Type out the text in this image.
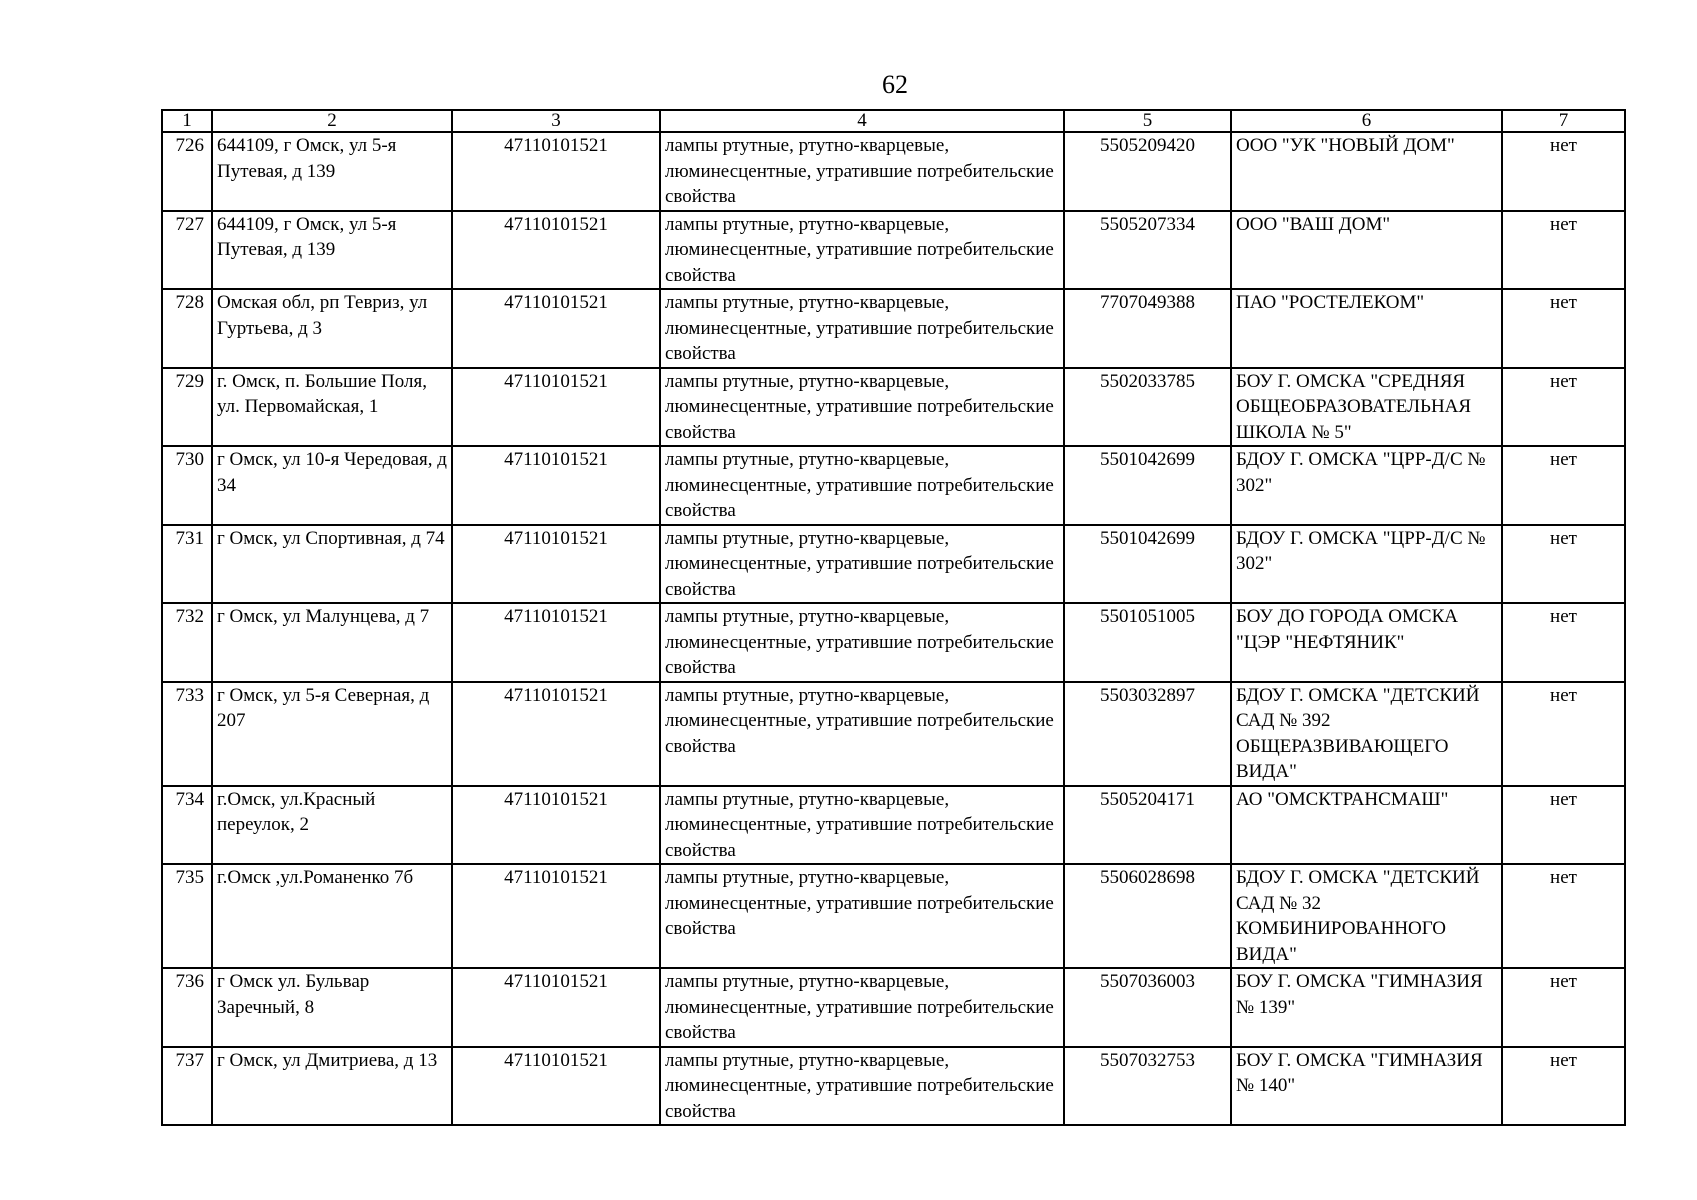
62
1	2	3	4	5	6	7
726	644109, г Омск, ул 5-я Путевая, д 139	47110101521	лампы ртутные, ртутно-кварцевые, люминесцентные, утратившие потребительские свойства	5505209420	ООО "УК "НОВЫЙ ДОМ"	нет
727	644109, г Омск, ул 5-я Путевая, д 139	47110101521	лампы ртутные, ртутно-кварцевые, люминесцентные, утратившие потребительские свойства	5505207334	ООО "ВАШ ДОМ"	нет
728	Омская обл, рп Тевриз, ул Гуртьева, д 3	47110101521	лампы ртутные, ртутно-кварцевые, люминесцентные, утратившие потребительские свойства	7707049388	ПАО "РОСТЕЛЕКОМ"	нет
729	г. Омск, п. Большие Поля, ул. Первомайская, 1	47110101521	лампы ртутные, ртутно-кварцевые, люминесцентные, утратившие потребительские свойства	5502033785	БОУ Г. ОМСКА "СРЕДНЯЯ ОБЩЕОБРАЗОВАТЕЛЬНАЯ ШКОЛА № 5"	нет
730	г Омск, ул 10-я Чередовая, д 34	47110101521	лампы ртутные, ртутно-кварцевые, люминесцентные, утратившие потребительские свойства	5501042699	БДОУ Г. ОМСКА "ЦРР-Д/С № 302"	нет
731	г Омск, ул Спортивная, д 74	47110101521	лампы ртутные, ртутно-кварцевые, люминесцентные, утратившие потребительские свойства	5501042699	БДОУ Г. ОМСКА "ЦРР-Д/С № 302"	нет
732	г Омск, ул Малунцева, д 7	47110101521	лампы ртутные, ртутно-кварцевые, люминесцентные, утратившие потребительские свойства	5501051005	БОУ ДО ГОРОДА ОМСКА "ЦЭР "НЕФТЯНИК"	нет
733	г Омск, ул 5-я Северная, д 207	47110101521	лампы ртутные, ртутно-кварцевые, люминесцентные, утратившие потребительские свойства	5503032897	БДОУ Г. ОМСКА "ДЕТСКИЙ САД № 392 ОБЩЕРАЗВИВАЮЩЕГО ВИДА"	нет
734	г.Омск, ул.Красный переулок, 2	47110101521	лампы ртутные, ртутно-кварцевые, люминесцентные, утратившие потребительские свойства	5505204171	АО "ОМСКТРАНСМАШ"	нет
735	г.Омск ,ул.Романенко 7б	47110101521	лампы ртутные, ртутно-кварцевые, люминесцентные, утратившие потребительские свойства	5506028698	БДОУ Г. ОМСКА "ДЕТСКИЙ САД № 32 КОМБИНИРОВАННОГО ВИДА"	нет
736	г Омск ул. Бульвар Заречный, 8	47110101521	лампы ртутные, ртутно-кварцевые, люминесцентные, утратившие потребительские свойства	5507036003	БОУ Г. ОМСКА "ГИМНАЗИЯ № 139"	нет
737	г Омск, ул Дмитриева, д 13	47110101521	лампы ртутные, ртутно-кварцевые, люминесцентные, утратившие потребительские свойства	5507032753	БОУ Г. ОМСКА "ГИМНАЗИЯ № 140"	нет
